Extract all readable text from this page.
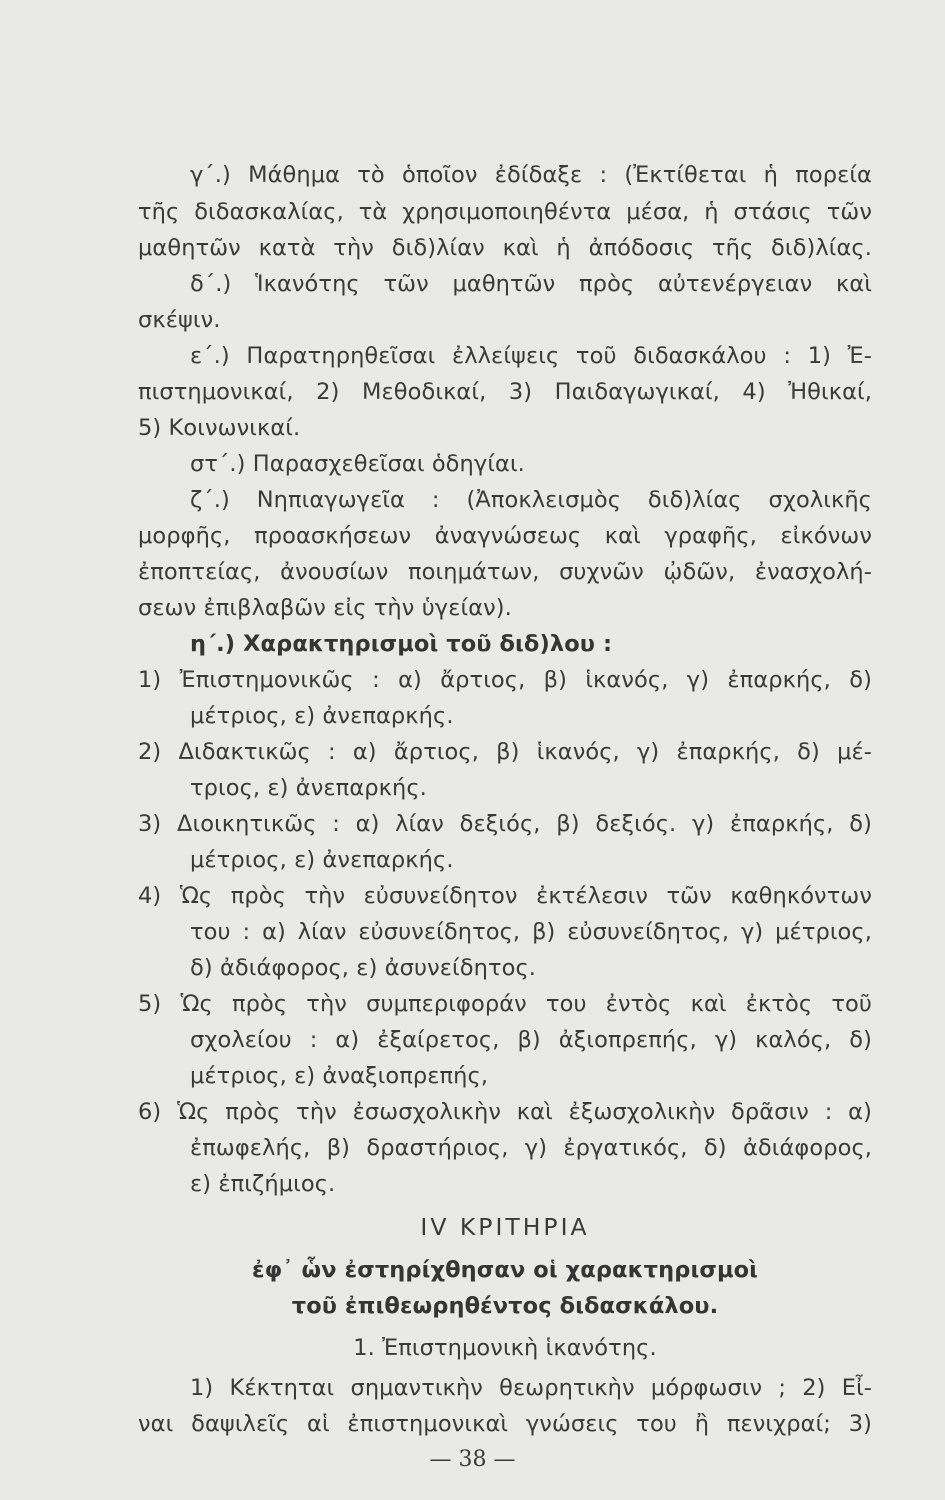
γ΄.) Μάθημα τὸ ὁποῖον ἐδίδαξε : (Ἐκτίθεται ἡ πορεία
τῆς διδασκαλίας, τὰ χρησιμοποιηθέντα μέσα, ἡ στάσις τῶν
μαθητῶν κατὰ τὴν διδ)λίαν καὶ ἡ ἀπόδοσις τῆς διδ)λίας.
δ΄.) Ἱκανότης τῶν μαθητῶν πρὸς αὐτενέργειαν καὶ
σκέψιν.
ε΄.) Παρατηρηθεῖσαι ἐλλείψεις τοῦ διδασκάλου : 1) Ἐ-
πιστημονικαί, 2) Μεθοδικαί, 3) Παιδαγωγικαί, 4) Ἠθικαί,
5) Κοινωνικαί.
στ΄.) Παρασχεθεῖσαι ὁδηγίαι.
ζ΄.) Νηπιαγωγεῖα : (Ἀποκλεισμὸς διδ)λίας σχολικῆς
μορφῆς, προασκήσεων ἀναγνώσεως καὶ γραφῆς, εἰκόνων
ἐποπτείας, ἀνουσίων ποιημάτων, συχνῶν ᾠδῶν, ἐνασχολή-
σεων ἐπιβλαβῶν εἰς τὴν ὑγείαν).
η΄.) Χαρακτηρισμοὶ τοῦ διδ)λου :
1) Ἐπιστημονικῶς : α) ἄρτιος, β) ἱκανός, γ) ἐπαρκής, δ)
μέτριος, ε) ἀνεπαρκής.
2) Διδακτικῶς : α) ἄρτιος, β) ἱκανός, γ) ἐπαρκής, δ) μέ-
τριος, ε) ἀνεπαρκής.
3) Διοικητικῶς : α) λίαν δεξιός, β) δεξιός. γ) ἐπαρκής, δ)
μέτριος, ε) ἀνεπαρκής.
4) Ὡς πρὸς τὴν εὐσυνείδητον ἐκτέλεσιν τῶν καθηκόντων
του : α) λίαν εὐσυνείδητος, β) εὐσυνείδητος, γ) μέτριος,
δ) ἀδιάφορος, ε) ἀσυνείδητος.
5) Ὡς πρὸς τὴν συμπεριφοράν του ἐντὸς καὶ ἐκτὸς τοῦ
σχολείου : α) ἐξαίρετος, β) ἀξιοπρεπής, γ) καλός, δ)
μέτριος, ε) ἀναξιοπρεπής,
6) Ὡς πρὸς τὴν ἐσωσχολικὴν καὶ ἐξωσχολικὴν δρᾶσιν : α)
ἐπωφελής, β) δραστήριος, γ) ἐργατικός, δ) ἀδιάφορος,
ε) ἐπιζήμιος.
IV ΚΡΙΤΗΡΙΑ
ἐφ᾽ ὧν ἐστηρίχθησαν οἱ χαρακτηρισμοὶ
τοῦ ἐπιθεωρηθέντος διδασκάλου.
1. Ἐπιστημονικὴ ἱκανότης.
1) Κέκτηται σημαντικὴν θεωρητικὴν μόρφωσιν ; 2) Εἶ-
ναι δαψιλεῖς αἱ ἐπιστημονικαὶ γνώσεις του ἢ πενιχραί; 3)
— 38 —
